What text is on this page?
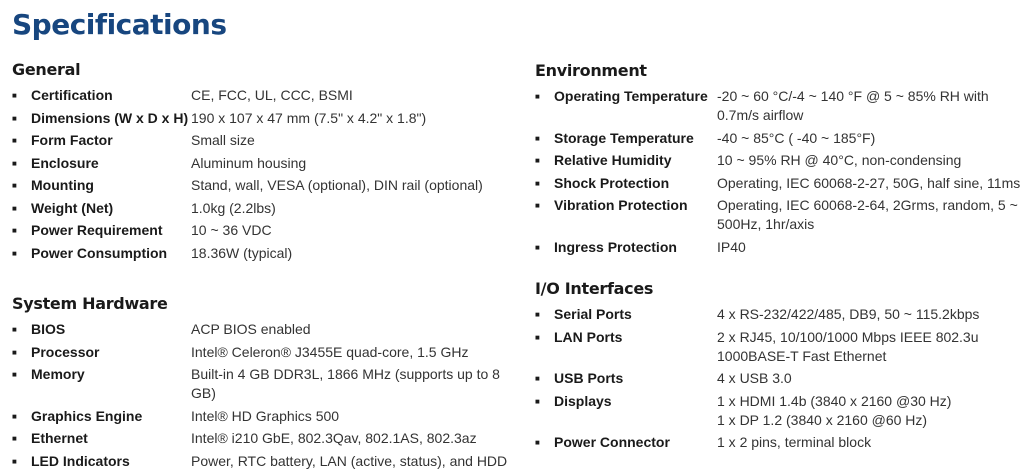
Specifications
General
■	Certification	CE, FCC, UL, CCC, BSMI
■	Dimensions (W x D x H) 190 x 107 x 47 mm (7.5" x 4.2" x 1.8")
■	Form Factor	Small size
■	Enclosure	Aluminum housing
■	Mounting	Stand, wall, VESA (optional), DIN rail (optional)
■	Weight (Net)	1.0kg (2.2lbs)
■	Power Requirement	10 ~ 36 VDC
■	Power Consumption	18.36W (typical)
System Hardware
■	BIOS	ACP BIOS enabled
■	Processor	Intel® Celeron® J3455E quad-core, 1.5 GHz
■	Memory	Built-in 4 GB DDR3L, 1866 MHz (supports up to 8 GB)
■	Graphics Engine	Intel® HD Graphics 500
■	Ethernet	Intel® i210 GbE, 802.3Qav, 802.1AS, 802.3az
■	LED Indicators	Power, RTC battery, LAN (active, status), and HDD
Environment
■	Operating Temperature -20 ~ 60 °C/-4 ~ 140 °F @ 5 ~ 85% RH with 0.7m/s airflow
■	Storage Temperature	-40 ~ 85°C ( -40 ~ 185°F)
■	Relative Humidity	10 ~ 95% RH @ 40°C, non-condensing
■	Shock Protection	Operating, IEC 60068-2-27, 50G, half sine, 11ms
■	Vibration Protection	Operating, IEC 60068-2-64, 2Grms, random, 5 ~ 500Hz, 1hr/axis
■	Ingress Protection	IP40
I/O Interfaces
■	Serial Ports	4 x RS-232/422/485, DB9, 50 ~ 115.2kbps
■	LAN Ports	2 x RJ45, 10/100/1000 Mbps IEEE 802.3u 1000BASE-T Fast Ethernet
■	USB Ports	4 x USB 3.0
■	Displays	1 x HDMI 1.4b (3840 x 2160 @30 Hz)
1 x DP 1.2 (3840 x 2160 @60 Hz)
■	Power Connector	1 x 2 pins, terminal block
